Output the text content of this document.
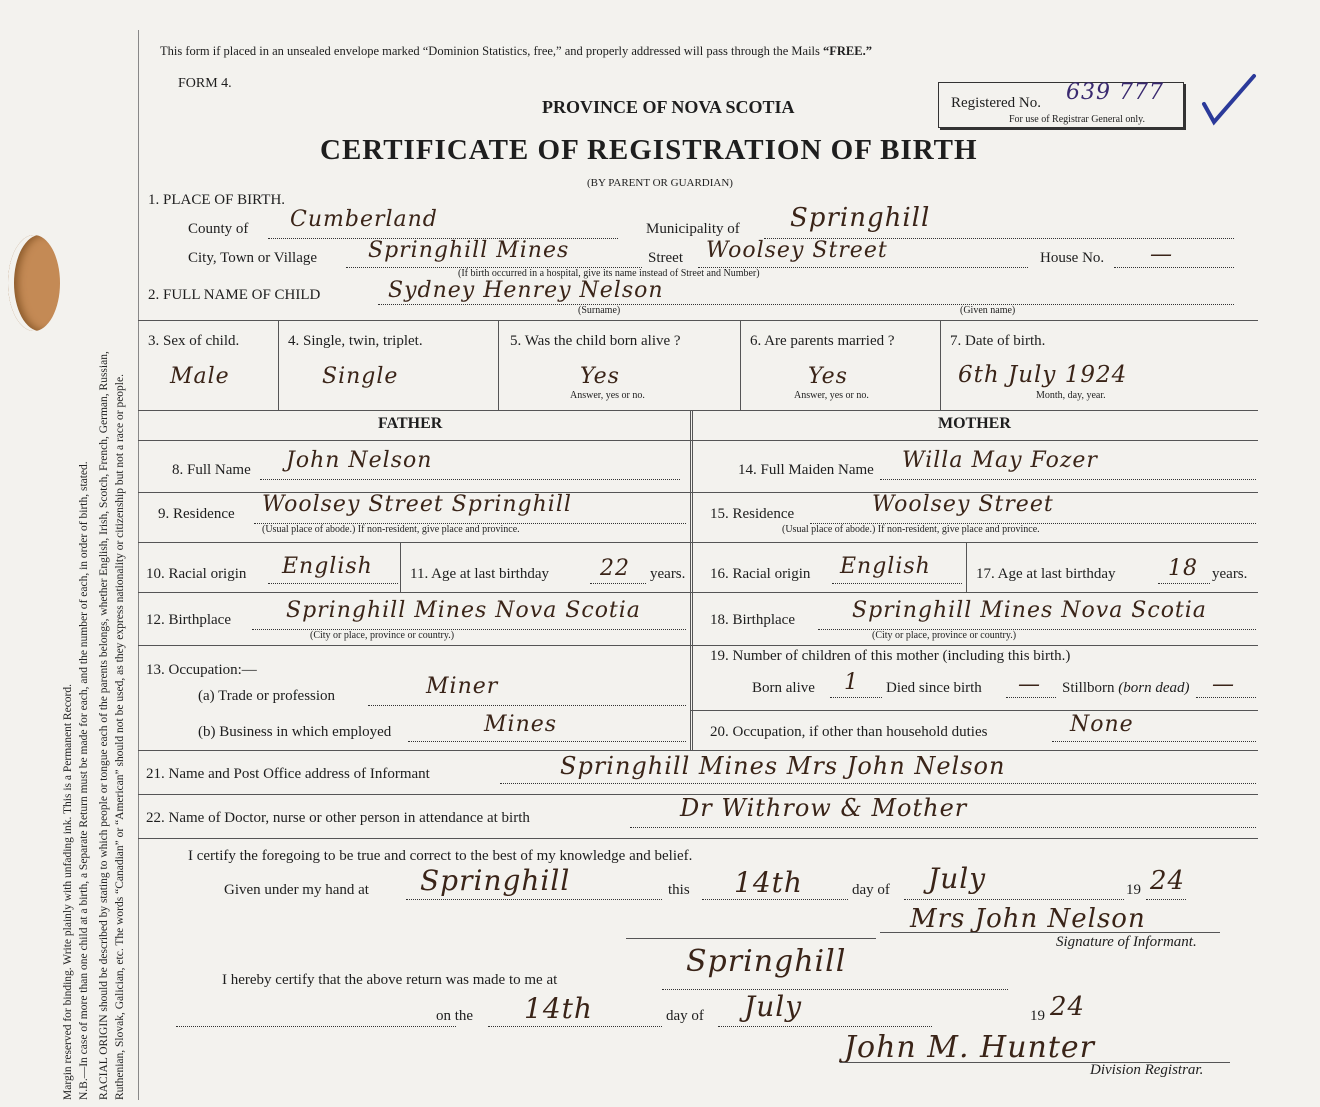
Margin reserved for binding. Write plainly with unfading ink. This is a Permanent Record. N.B.—In case of more than one child at a birth, a Separate Return must be made for each, and the number of each, in order of birth, stated. RACIAL ORIGIN should be described by stating to which people or tongue each of the parents belongs, whether English, Irish, Scotch, French, German, Russian, Ruthenian, Slovak, Galician, etc. The words “Canadian” or “American” should not be used, as they express nationality or citizenship but not a race or people.
This form if placed in an unsealed envelope marked “Dominion Statistics, free,” and properly addressed will pass through the Mails “FREE.”
FORM 4.
PROVINCE OF NOVA SCOTIA
CERTIFICATE OF REGISTRATION OF BIRTH
(BY PARENT OR GUARDIAN)
Registered No.
For use of Registrar General only.
639 777
1. PLACE OF BIRTH.
County of Cumberland	Municipality of Springhill
City, Town or Village Springhill Mines	Street Woolsey Street
(If birth occurred in a hospital, give its name instead of Street and Number)
House No. —
2. FULL NAME OF CHILD	Sydney Henrey Nelson
(Surname)	(Given name)
3. Sex of child.
Male
4. Single, twin, triplet.
Single
5. Was the child born alive ?
Yes
Answer, yes or no.
6. Are parents married ?
Yes
Answer, yes or no.
7. Date of birth.
6th July 1924
Month, day, year.
FATHER	MOTHER
8. Full Name John Nelson
9. Residence Woolsey Street Springhill
(Usual place of abode.) If non-resident, give place and province.
10. Racial origin English 11. Age at last birthday 22 years.
12. Birthplace	Springhill Mines Nova Scotia
(City or place, province or country.)
13. Occupation:—
(a) Trade or profession	Miner
(b) Business in which employed	Mines
14. Full Maiden Name Willa May Fozer
15. Residence	Woolsey Street
(Usual place of abode.) If non-resident, give place and province.
16. Racial origin English	17. Age at last birthday 18 years.
18. Birthplace	Springhill Mines Nova Scotia
(City or place, province or country.)
19. Number of children of this mother (including this birth.)
Born alive 1 Died since birth — Stillborn (born dead) —
20. Occupation, if other than household duties	None
21. Name and Post Office address of Informant	Springhill Mines Mrs John Nelson
22. Name of Doctor, nurse or other person in attendance at birth	Dr Withrow & Mother
I certify the foregoing to be true and correct to the best of my knowledge and belief.
Given under my hand at Springhill	this 14th	day of July	19 24
Mrs John Nelson
Signature of Informant.
I hereby certify that the above return was made to me at
Springhill
on the 14th	day of July	19 24
John M. Hunter
Division Registrar.
